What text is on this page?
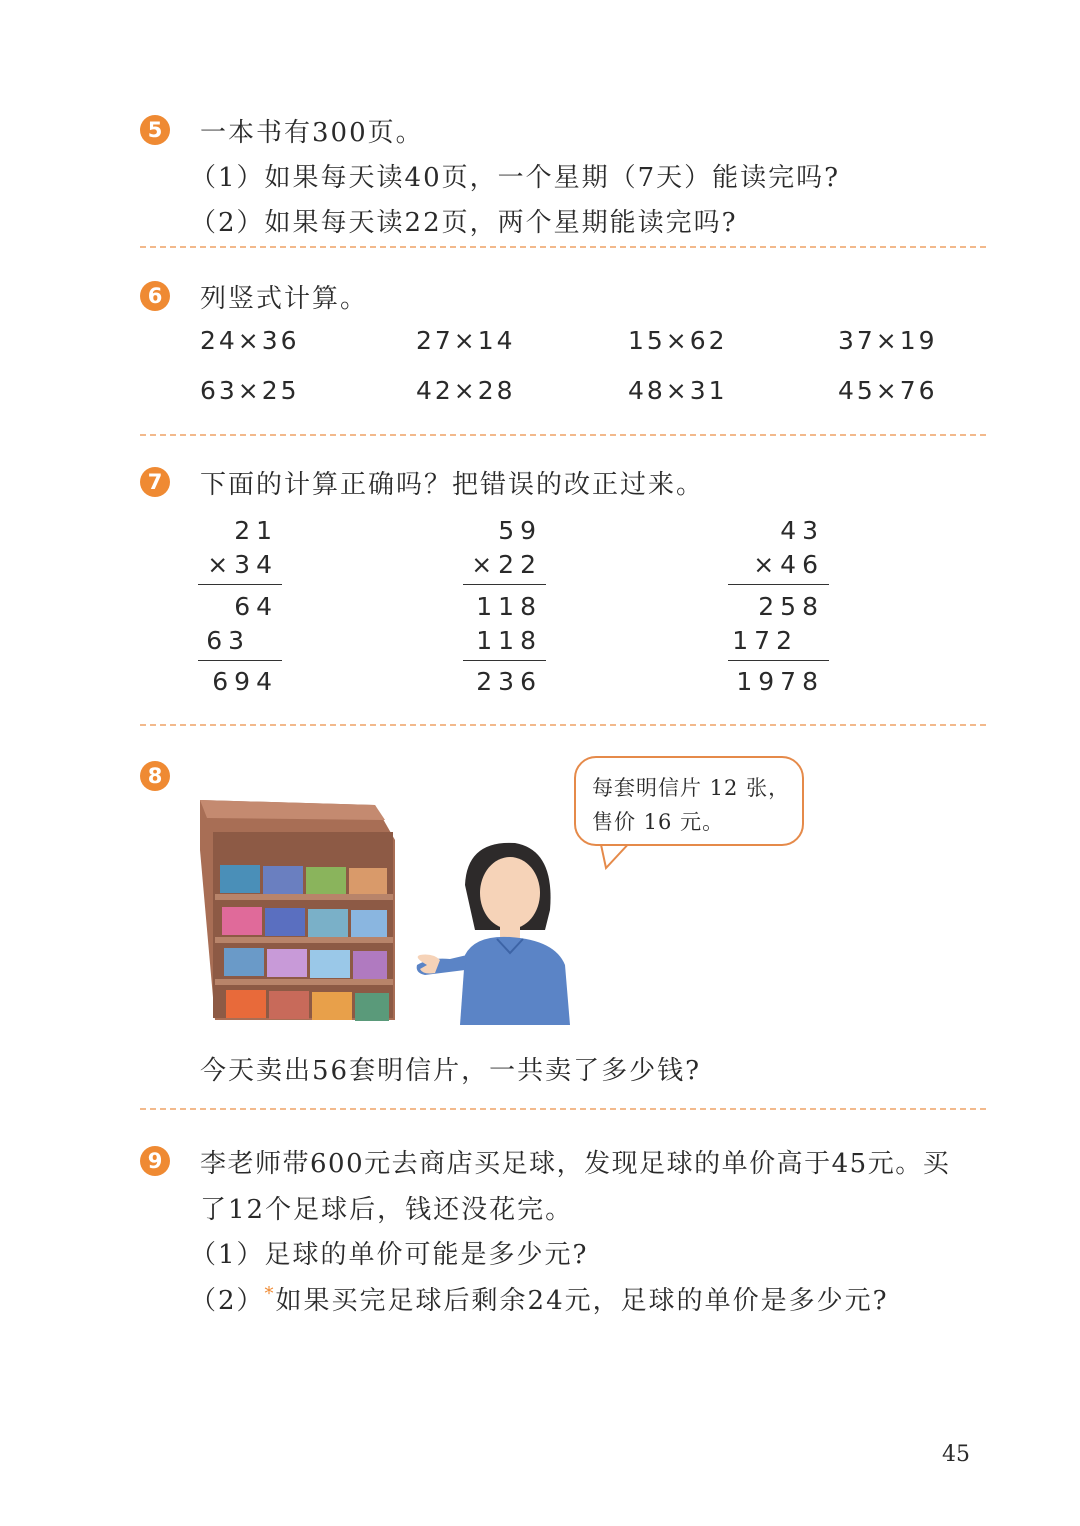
5 一本书有300页。
（1）如果每天读40页，一个星期（7天）能读完吗?
（2）如果每天读22页，两个星期能读完吗?
6 列竖式计算。
24×36	27×14	15×62	37×19
63×25	42×28	48×31	45×76
7 下面的计算正确吗？把错误的改正过来。
21
×34
64
63
694
59
×22
118
118
236
43
×46
258
172
1978
8
每套明信片 12 张，
售价 16 元。
今天卖出56套明信片，一共卖了多少钱?
9 李老师带600元去商店买足球，发现足球的单价高于45元。买
了12个足球后，钱还没花完。
（1）足球的单价可能是多少元?
（2）*如果买完足球后剩余24元，足球的单价是多少元?
45
